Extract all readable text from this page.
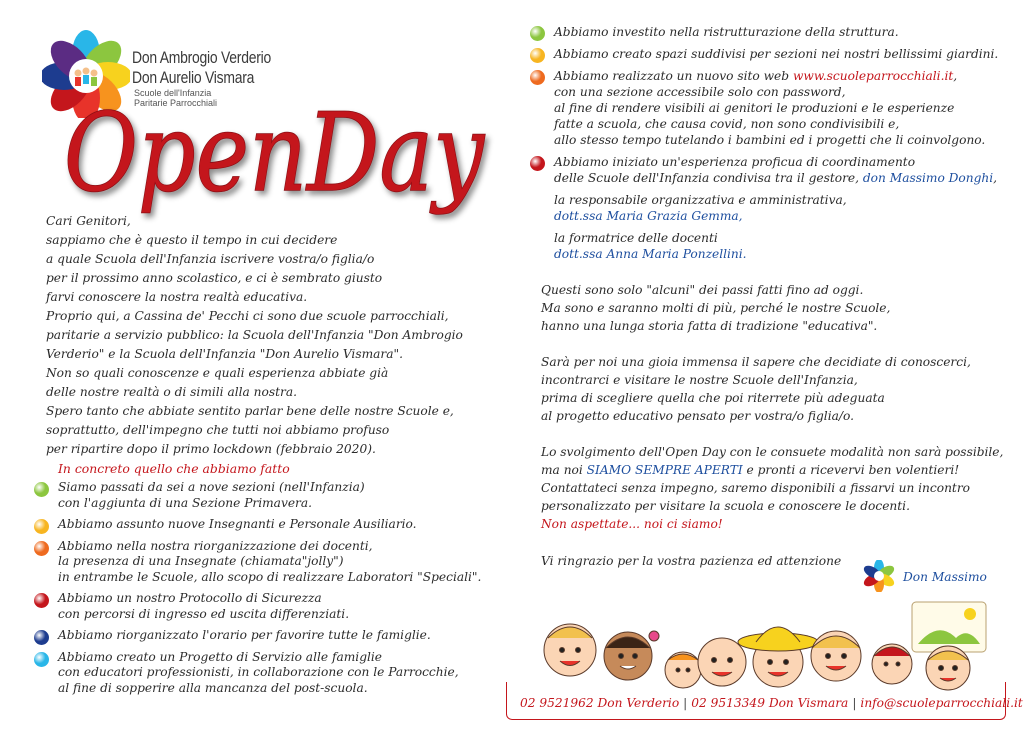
Don Ambrogio Verderio
Don Aurelio Vismara
Scuole dell'Infanzia
Paritarie Parrocchiali
OpenDay
Cari Genitori,
sappiamo che è questo il tempo in cui decidere
a quale Scuola dell'Infanzia iscrivere vostra/o figlia/o
per il prossimo anno scolastico, e ci è sembrato giusto
farvi conoscere la nostra realtà educativa.
Proprio qui, a Cassina de' Pecchi ci sono due scuole parrocchiali,
paritarie a servizio pubblico: la Scuola dell'Infanzia "Don Ambrogio
Verderio" e la Scuola dell'Infanzia "Don Aurelio Vismara".
Non so quali conoscenze e quali esperienza abbiate già
delle nostre realtà o di simili alla nostra.
Spero tanto che abbiate sentito parlar bene delle nostre Scuole e,
soprattutto, dell'impegno che tutti noi abbiamo profuso
per ripartire dopo il primo lockdown (febbraio 2020).
In concreto quello che abbiamo fatto
Siamo passati da sei a nove sezioni (nell'Infanzia)
con l'aggiunta di una Sezione Primavera.
Abbiamo assunto nuove Insegnanti e Personale Ausiliario.
Abbiamo nella nostra riorganizzazione dei docenti,
la presenza di una Insegnate (chiamata"jolly")
in entrambe le Scuole, allo scopo di realizzare Laboratori "Speciali".
Abbiamo un nostro Protocollo di Sicurezza
con percorsi di ingresso ed uscita differenziati.
Abbiamo riorganizzato l'orario per favorire tutte le famiglie.
Abbiamo creato un Progetto di Servizio alle famiglie
con educatori professionisti, in collaborazione con le Parrocchie,
al fine di sopperire alla mancanza del post-scuola.
Abbiamo investito nella ristrutturazione della struttura.
Abbiamo creato spazi suddivisi per sezioni nei nostri bellissimi giardini.
Abbiamo realizzato un nuovo sito web www.scuoleparrocchiali.it,
con una sezione accessibile solo con password,
al fine di rendere visibili ai genitori le produzioni e le esperienze
fatte a scuola, che causa covid, non sono condivisibili e,
allo stesso tempo tutelando i bambini ed i progetti che li coinvolgono.
Abbiamo iniziato un'esperienza proficua di coordinamento
delle Scuole dell'Infanzia condivisa tra il gestore, don Massimo Donghi,
la responsabile organizzativa e amministrativa,
dott.ssa Maria Grazia Gemma,
la formatrice delle docenti
dott.ssa Anna Maria Ponzellini.
Questi sono solo "alcuni" dei passi fatti fino ad oggi.
Ma sono e saranno molti di più, perché le nostre Scuole,
hanno una lunga storia fatta di tradizione "educativa".
Sarà per noi una gioia immensa il sapere che decidiate di conoscerci,
incontrarci e visitare le nostre Scuole dell'Infanzia,
prima di scegliere quella che poi riterrete più adeguata
al progetto educativo pensato per vostra/o figlia/o.
Lo svolgimento dell'Open Day con le consuete modalità non sarà possibile,
ma noi SIAMO SEMPRE APERTI e pronti a ricevervi ben volentieri!
Contattateci senza impegno, saremo disponibili a fissarvi un incontro
personalizzato per visitare la scuola e conoscere le docenti.
Non aspettate... noi ci siamo!
Vi ringrazio per la vostra pazienza ed attenzione
Don Massimo
02 9521962 Don Verderio | 02 9513349 Don Vismara | info@scuoleparrocchiali.it
